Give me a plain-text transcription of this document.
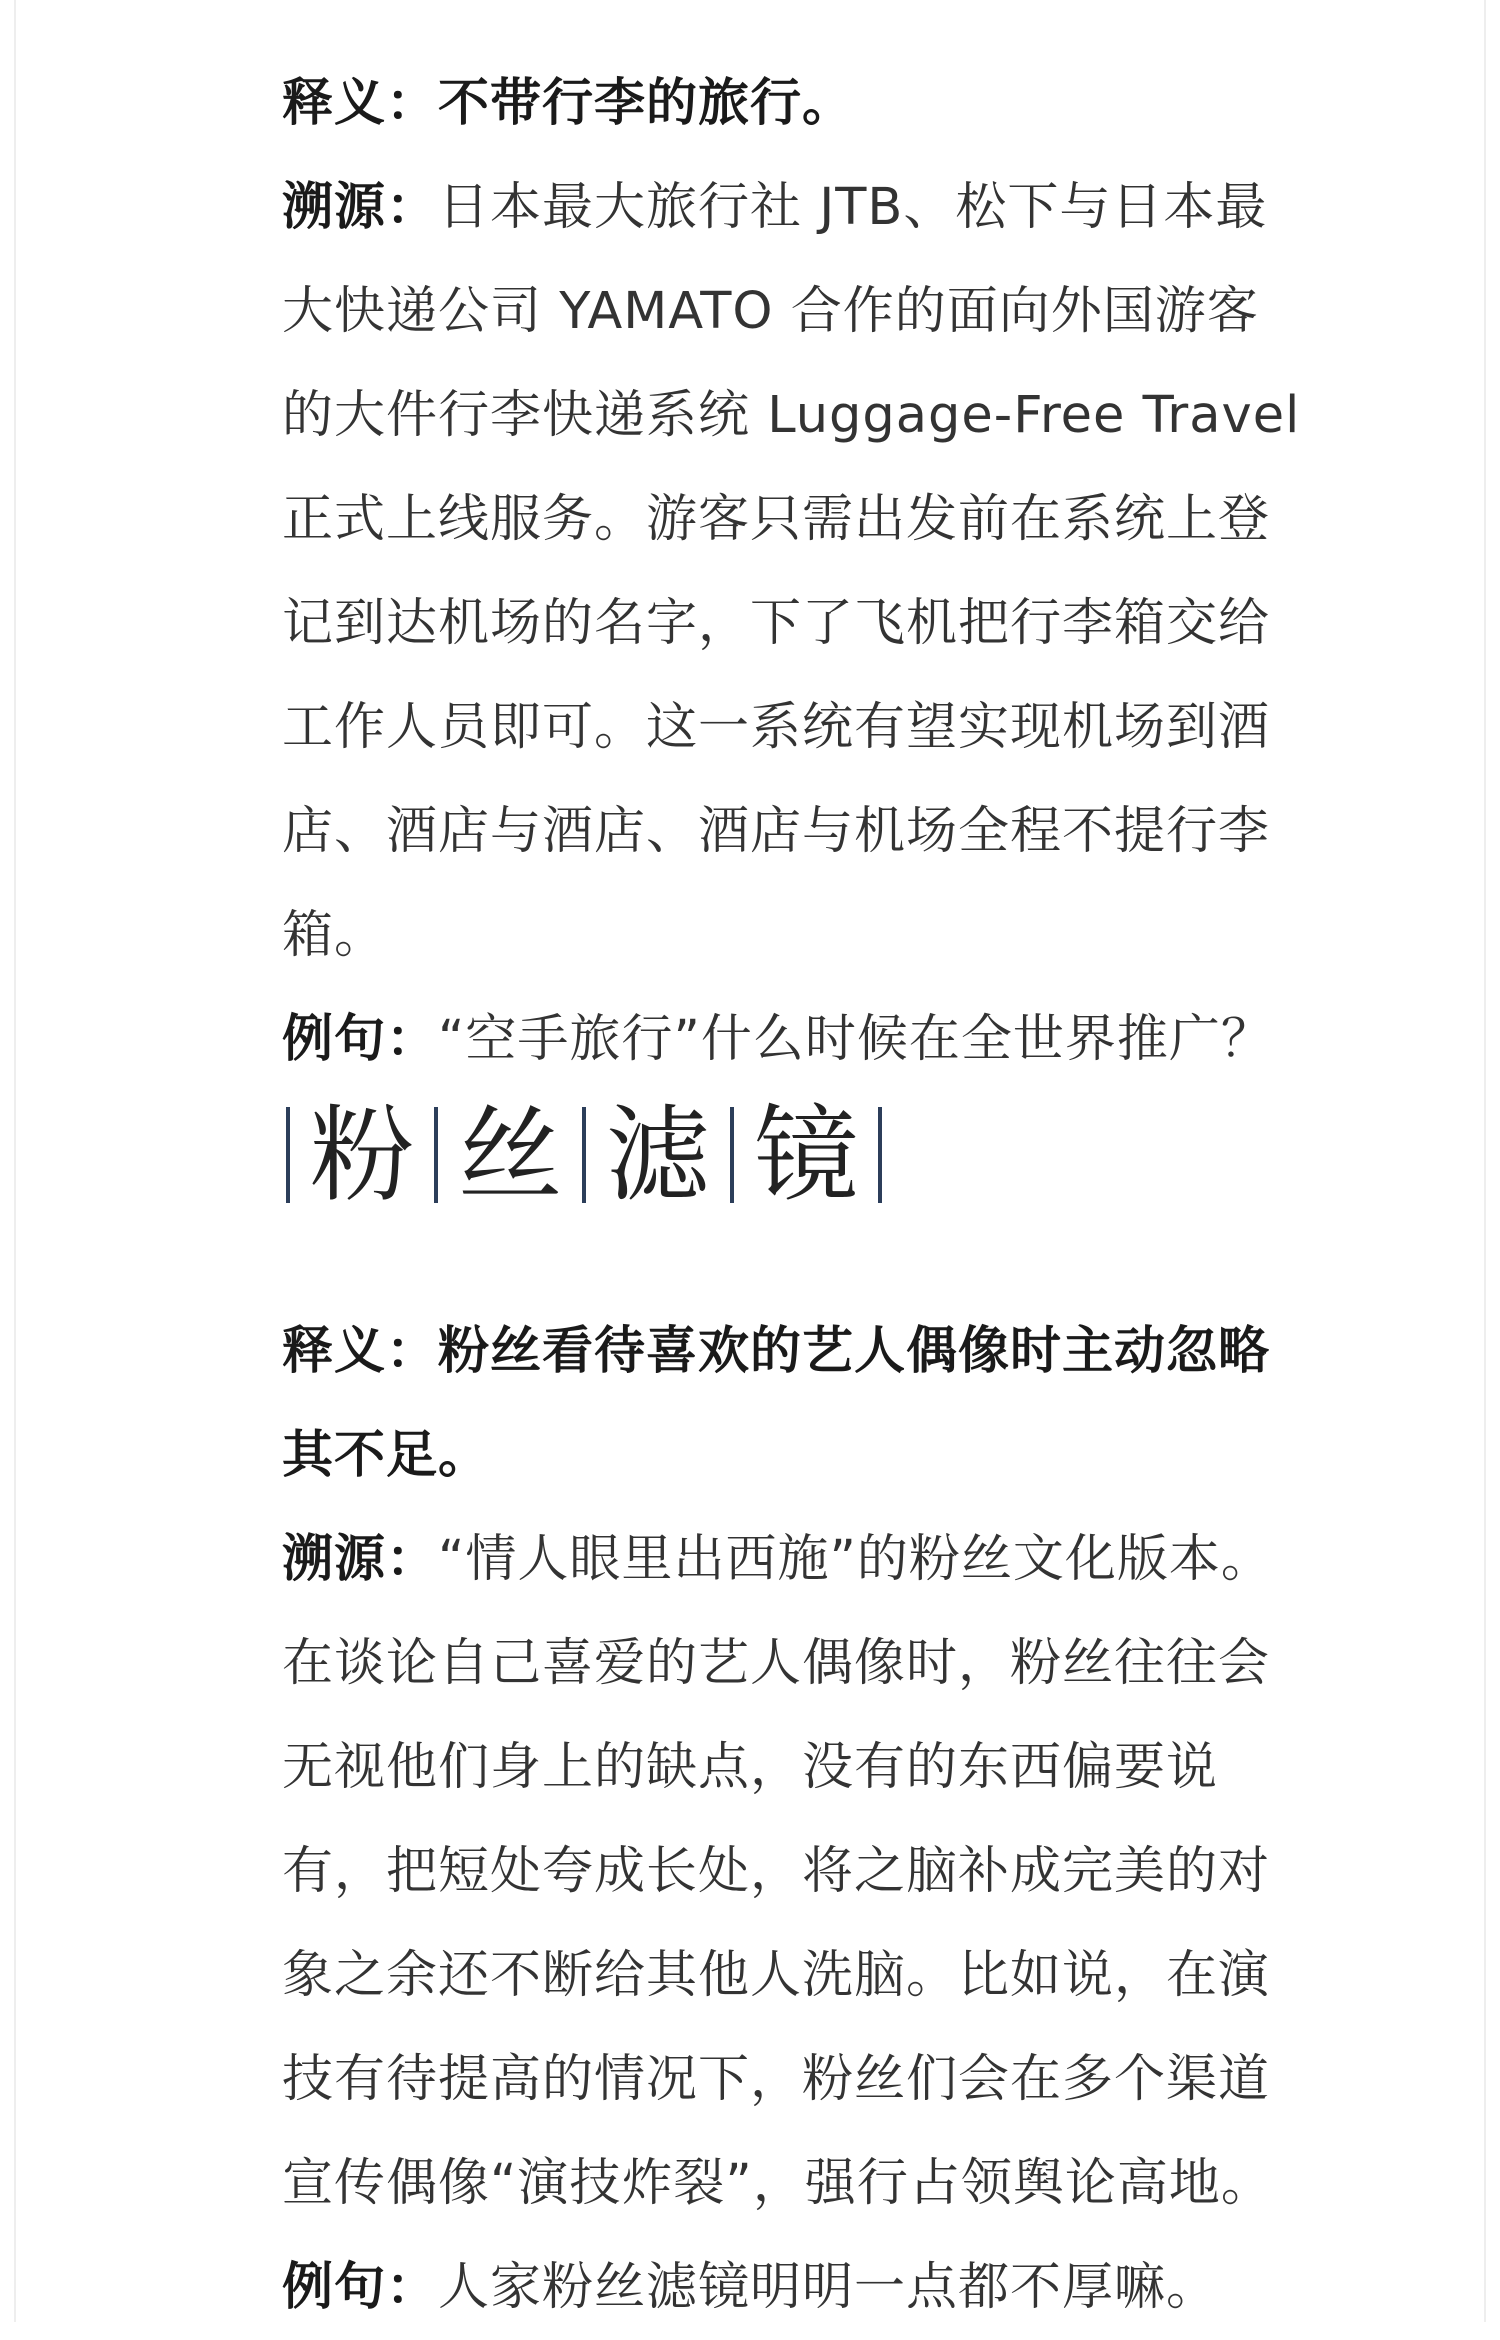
释义：不带行李的旅行。

溯源：日本最大旅行社 JTB、松下与日本最大快递公司 YAMATO 合作的面向外国游客的大件行李快递系统 Luggage-Free Travel 正式上线服务。游客只需出发前在系统上登记到达机场的名字，下了飞机把行李箱交给工作人员即可。这一系统有望实现机场到酒店、酒店与酒店、酒店与机场全程不提行李箱。

例句：“空手旅行”什么时候在全世界推广？

粉 丝 滤 镜

释义：粉丝看待喜欢的艺人偶像时主动忽略其不足。

溯源：“情人眼里出西施”的粉丝文化版本。在谈论自己喜爱的艺人偶像时，粉丝往往会无视他们身上的缺点，没有的东西偏要说有，把短处夸成长处，将之脑补成完美的对象之余还不断给其他人洗脑。比如说，在演技有待提高的情况下，粉丝们会在多个渠道宣传偶像“演技炸裂”，强行占领舆论高地。

例句：人家粉丝滤镜明明一点都不厚嘛。
